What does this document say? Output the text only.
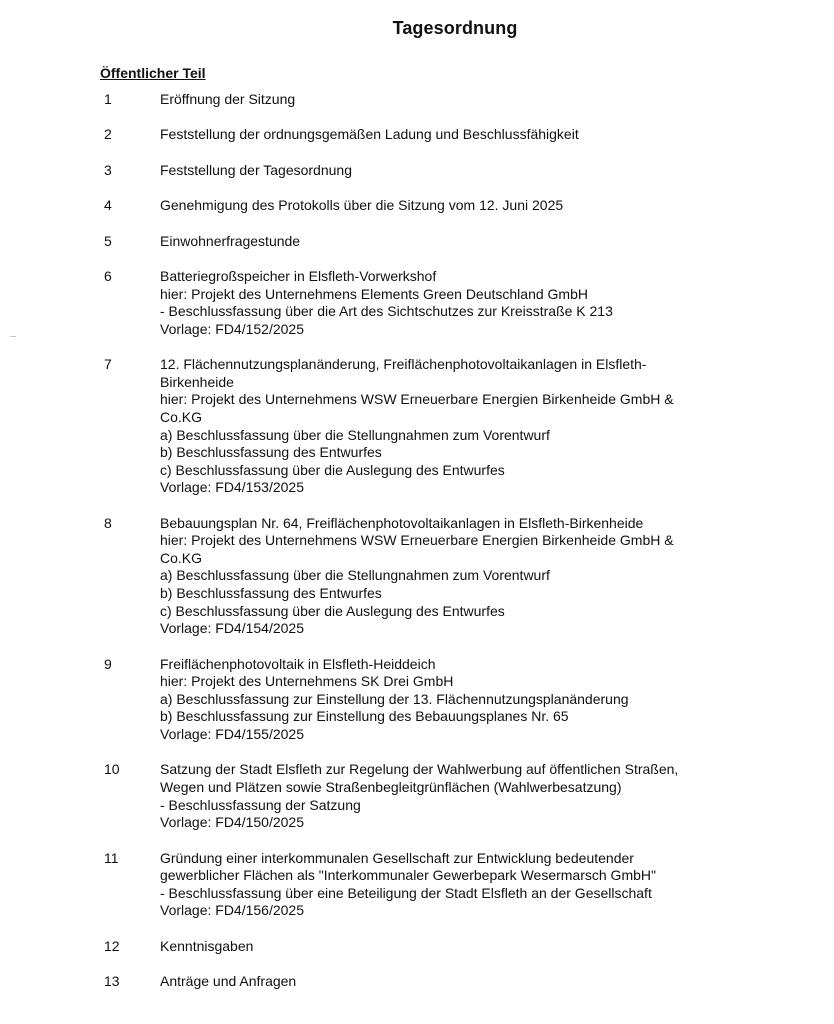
Tagesordnung
Öffentlicher Teil
1	Eröffnung der Sitzung
2	Feststellung der ordnungsgemäßen Ladung und Beschlussfähigkeit
3	Feststellung der Tagesordnung
4	Genehmigung des Protokolls über die Sitzung vom 12. Juni 2025
5	Einwohnerfragestunde
6	Batteriegroßspeicher in Elsfleth-Vorwerkshof
hier: Projekt des Unternehmens Elements Green Deutschland GmbH
- Beschlussfassung über die Art des Sichtschutzes zur Kreisstraße K 213
Vorlage: FD4/152/2025
7	12. Flächennutzungsplanänderung, Freiflächenphotovoltaikanlagen in Elsfleth-
Birkenheide
hier: Projekt des Unternehmens WSW Erneuerbare Energien Birkenheide GmbH &
Co.KG
a) Beschlussfassung über die Stellungnahmen zum Vorentwurf
b) Beschlussfassung des Entwurfes
c) Beschlussfassung über die Auslegung des Entwurfes
Vorlage: FD4/153/2025
8	Bebauungsplan Nr. 64, Freiflächenphotovoltaikanlagen in Elsfleth-Birkenheide
hier: Projekt des Unternehmens WSW Erneuerbare Energien Birkenheide GmbH &
Co.KG
a) Beschlussfassung über die Stellungnahmen zum Vorentwurf
b) Beschlussfassung des Entwurfes
c) Beschlussfassung über die Auslegung des Entwurfes
Vorlage: FD4/154/2025
9	Freiflächenphotovoltaik in Elsfleth-Heiddeich
hier: Projekt des Unternehmens SK Drei GmbH
a) Beschlussfassung zur Einstellung der 13. Flächennutzungsplanänderung
b) Beschlussfassung zur Einstellung des Bebauungsplanes Nr. 65
Vorlage: FD4/155/2025
10	Satzung der Stadt Elsfleth zur Regelung der Wahlwerbung auf öffentlichen Straßen,
Wegen und Plätzen sowie Straßenbegleitgrünflächen (Wahlwerbesatzung)
- Beschlussfassung der Satzung
Vorlage: FD4/150/2025
11	Gründung einer interkommunalen Gesellschaft zur Entwicklung bedeutender
gewerblicher Flächen als "Interkommunaler Gewerbepark Wesermarsch GmbH"
- Beschlussfassung über eine Beteiligung der Stadt Elsfleth an der Gesellschaft
Vorlage: FD4/156/2025
12	Kenntnisgaben
13	Anträge und Anfragen
